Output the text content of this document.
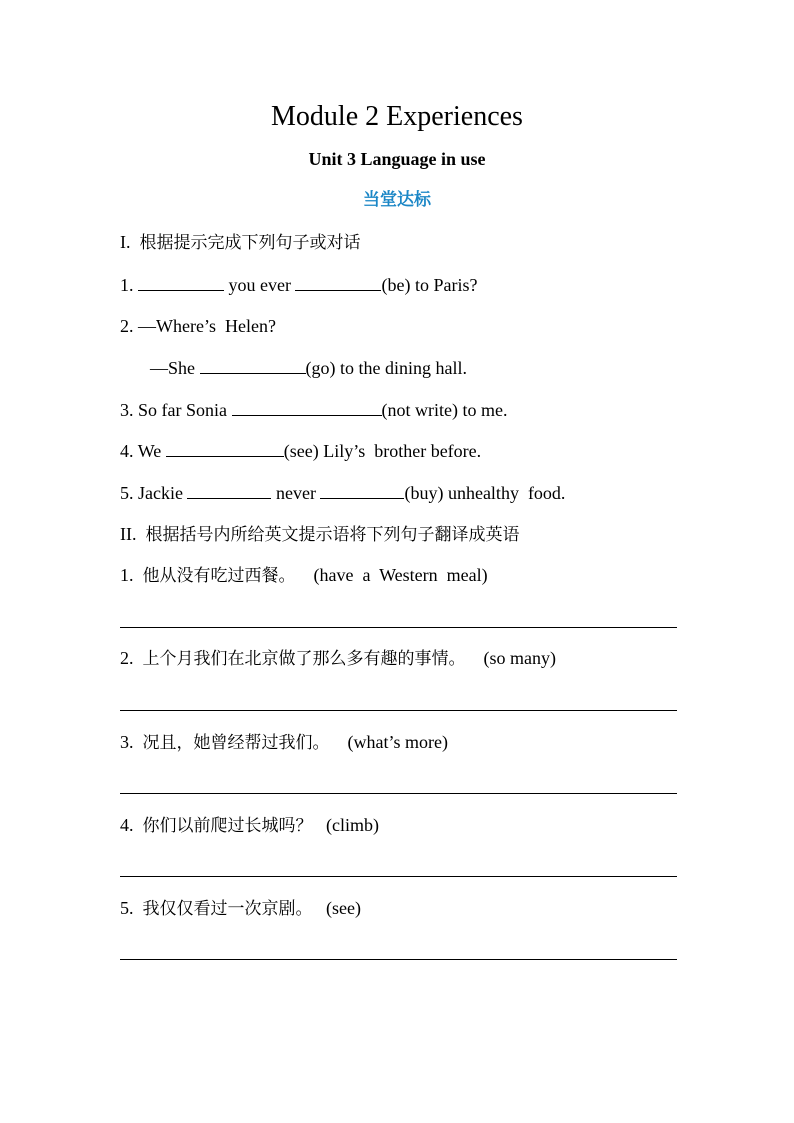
Module 2 Experiences
Unit 3 Language in use
当堂达标
I. 根据提示完成下列句子或对话
1.	you ever	(be) to Paris?
2. —Where’s  Helen?
—She	(go) to the dining hall.
3. So far Sonia	(not write) to me.
4. We	(see) Lily’s  brother before.
5. Jackie	never	(buy) unhealthy  food.
II. 根据括号内所给英文提示语将下列句子翻译成英语
1. 他从没有吃过西餐。 (have  a  Western  meal)
2. 上个月我们在北京做了那么多有趣的事情。 (so many)
3. 况且，她曾经帮过我们。 (what’s more)
4. 你们以前爬过长城吗？ (climb)
5. 我仅仅看过一次京剧。 (see)
